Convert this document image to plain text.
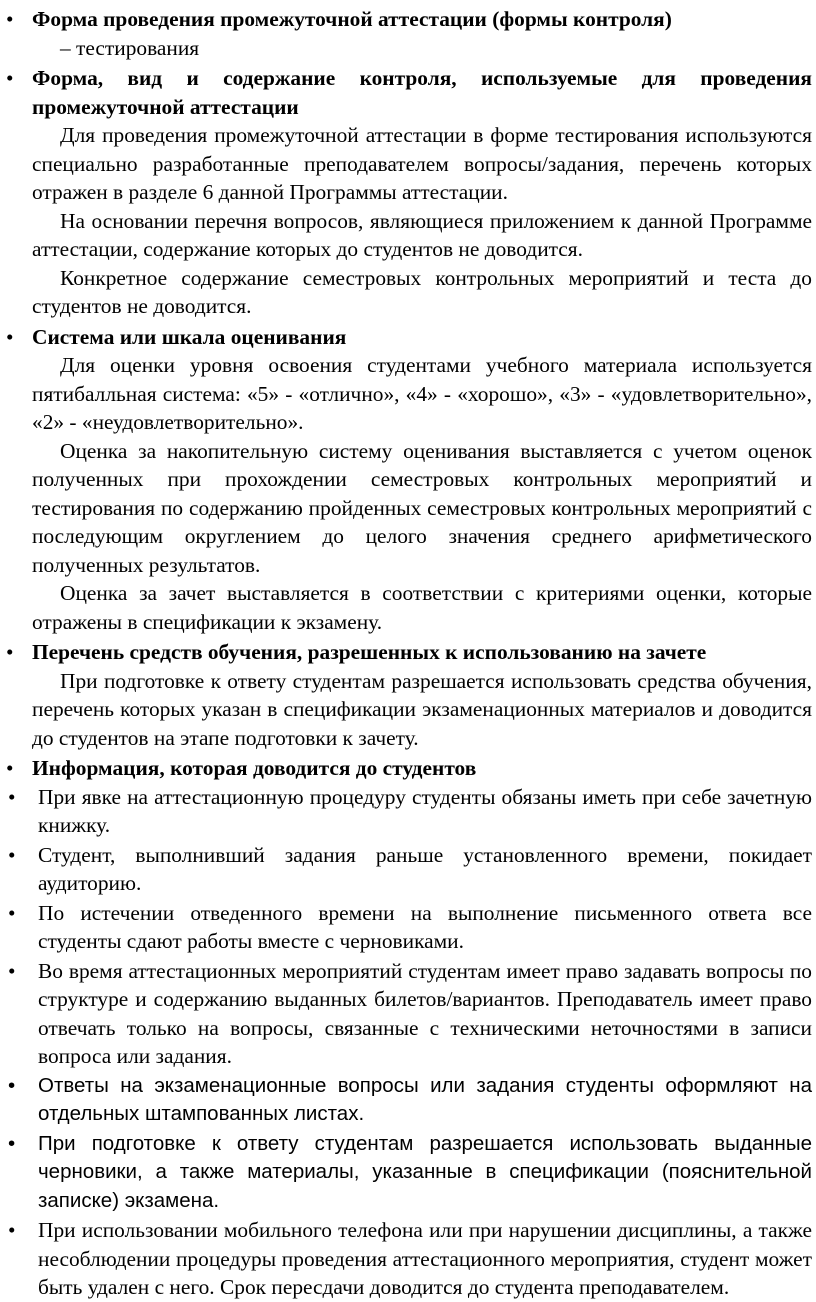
• Форма проведения промежуточной аттестации (формы контроля)
– тестирования
• Форма, вид и содержание контроля, используемые для проведения промежуточной аттестации

Для проведения промежуточной аттестации в форме тестирования используются специально разработанные преподавателем вопросы/задания, перечень которых отражен в разделе 6 данной Программы аттестации.

На основании перечня вопросов, являющиеся приложением к данной Программе аттестации, содержание которых до студентов не доводится.

Конкретное содержание семестровых контрольных мероприятий и теста до студентов не доводится.

• Система или шкала оценивания

Для оценки уровня освоения студентами учебного материала используется пятибалльная система: «5» - «отлично», «4» - «хорошо», «3» - «удовлетворительно», «2» - «неудовлетворительно».

Оценка за накопительную систему оценивания выставляется с учетом оценок полученных при прохождении семестровых контрольных мероприятий и тестирования по содержанию пройденных семестровых контрольных мероприятий с последующим округлением до целого значения среднего арифметического полученных результатов.

Оценка за зачет выставляется в соответствии с критериями оценки, которые отражены в спецификации к экзамену.

• Перечень средств обучения, разрешенных к использованию на зачете

При подготовке к ответу студентам разрешается использовать средства обучения, перечень которых указан в спецификации экзаменационных материалов и доводится до студентов на этапе подготовки к зачету.

• Информация, которая доводится до студентов
• При явке на аттестационную процедуру студенты обязаны иметь при себе зачетную книжку.
• Студент, выполнивший задания раньше установленного времени, покидает аудиторию.
• По истечении отведенного времени на выполнение письменного ответа все студенты сдают работы вместе с черновиками.
• Во время аттестационных мероприятий студентам имеет право задавать вопросы по структуре и содержанию выданных билетов/вариантов. Преподаватель имеет право отвечать только на вопросы, связанные с техническими неточностями в записи вопроса или задания.
• Ответы на экзаменационные вопросы или задания студенты оформляют на отдельных штампованных листах.
• При подготовке к ответу студентам разрешается использовать выданные черновики, а также материалы, указанные в спецификации (пояснительной записке) экзамена.
• При использовании мобильного телефона или при нарушении дисциплины, а также несоблюдении процедуры проведения аттестационного мероприятия, студент может быть удален с него. Срок пересдачи доводится до студента преподавателем.
